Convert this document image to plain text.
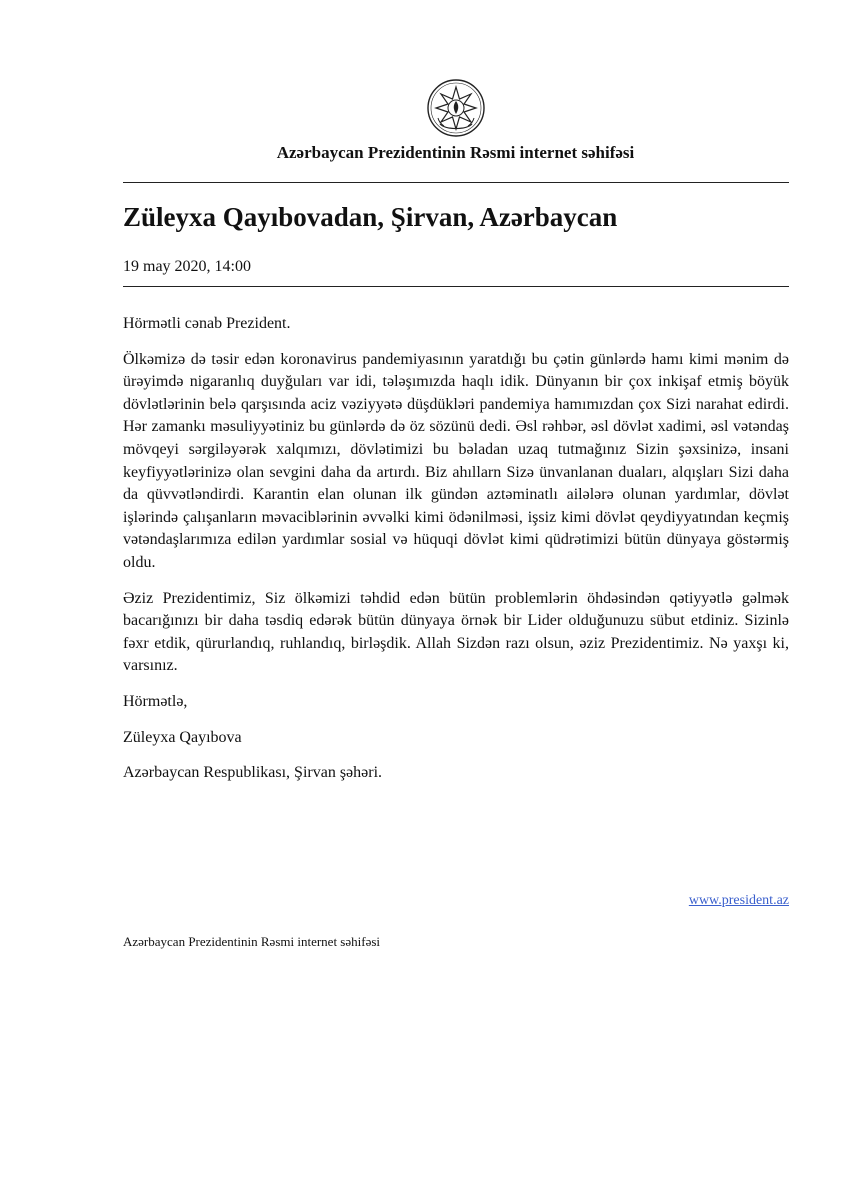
Azərbaycan Prezidentinin Rəsmi internet səhifəsi
Züleyxa Qayıbovadan, Şirvan, Azərbaycan
19 may 2020, 14:00

Hörmətli cənab Prezident.

Ölkəmizə də təsir edən koronavirus pandemiyasının yaratdığı bu çətin günlərdə hamı kimi mənim də ürəyimdə nigaranlıq duyğuları var idi, tələşımızda haqlı idik. Dünyanın bir çox inkişaf etmiş böyük dövlətlərinin belə qarşısında aciz vəziyyətə düşdükləri pandemiya hamımızdan çox Sizi narahat edirdi. Hər zamankı məsuliyyətiniz bu günlərdə də öz sözünü dedi. Əsl rəhbər, əsl dövlət xadimi, əsl vətəndaş mövqeyi sərgiləyərək xalqımızı, dövlətimizi bu bəladan uzaq tutmağınız Sizin şəxsinizə, insani keyfiyyətlərinizə olan sevgini daha da artırdı. Biz ahıllarn Sizə ünvanlanan duaları, alqışları Sizi daha da qüvvətləndirdi. Karantin elan olunan ilk gündən aztəminatlı ailələrə olunan yardımlar, dövlət işlərində çalışanların məvaciblərinin əvvəlki kimi ödənilməsi, işsiz kimi dövlət qeydiyyatından keçmiş vətəndaşlarımıza edilən yardımlar sosial və hüquqi dövlət kimi qüdrətimizi bütün dünyaya göstərmiş oldu.

Əziz Prezidentimiz, Siz ölkəmizi təhdid edən bütün problemlərin öhdəsindən qətiyyətlə gəlmək bacarığınızı bir daha təsdiq edərək bütün dünyaya örnək bir Lider olduğunuzu sübut etdiniz. Sizinlə fəxr etdik, qürurlandıq, ruhlandıq, birləşdik. Allah Sizdən razı olsun, əziz Prezidentimiz. Nə yaxşı ki, varsınız.

Hörmətlə,

Züleyxa Qayıbova

Azərbaycan Respublikası, Şirvan şəhəri.

www.president.az
Azərbaycan Prezidentinin Rəsmi internet səhifəsi
